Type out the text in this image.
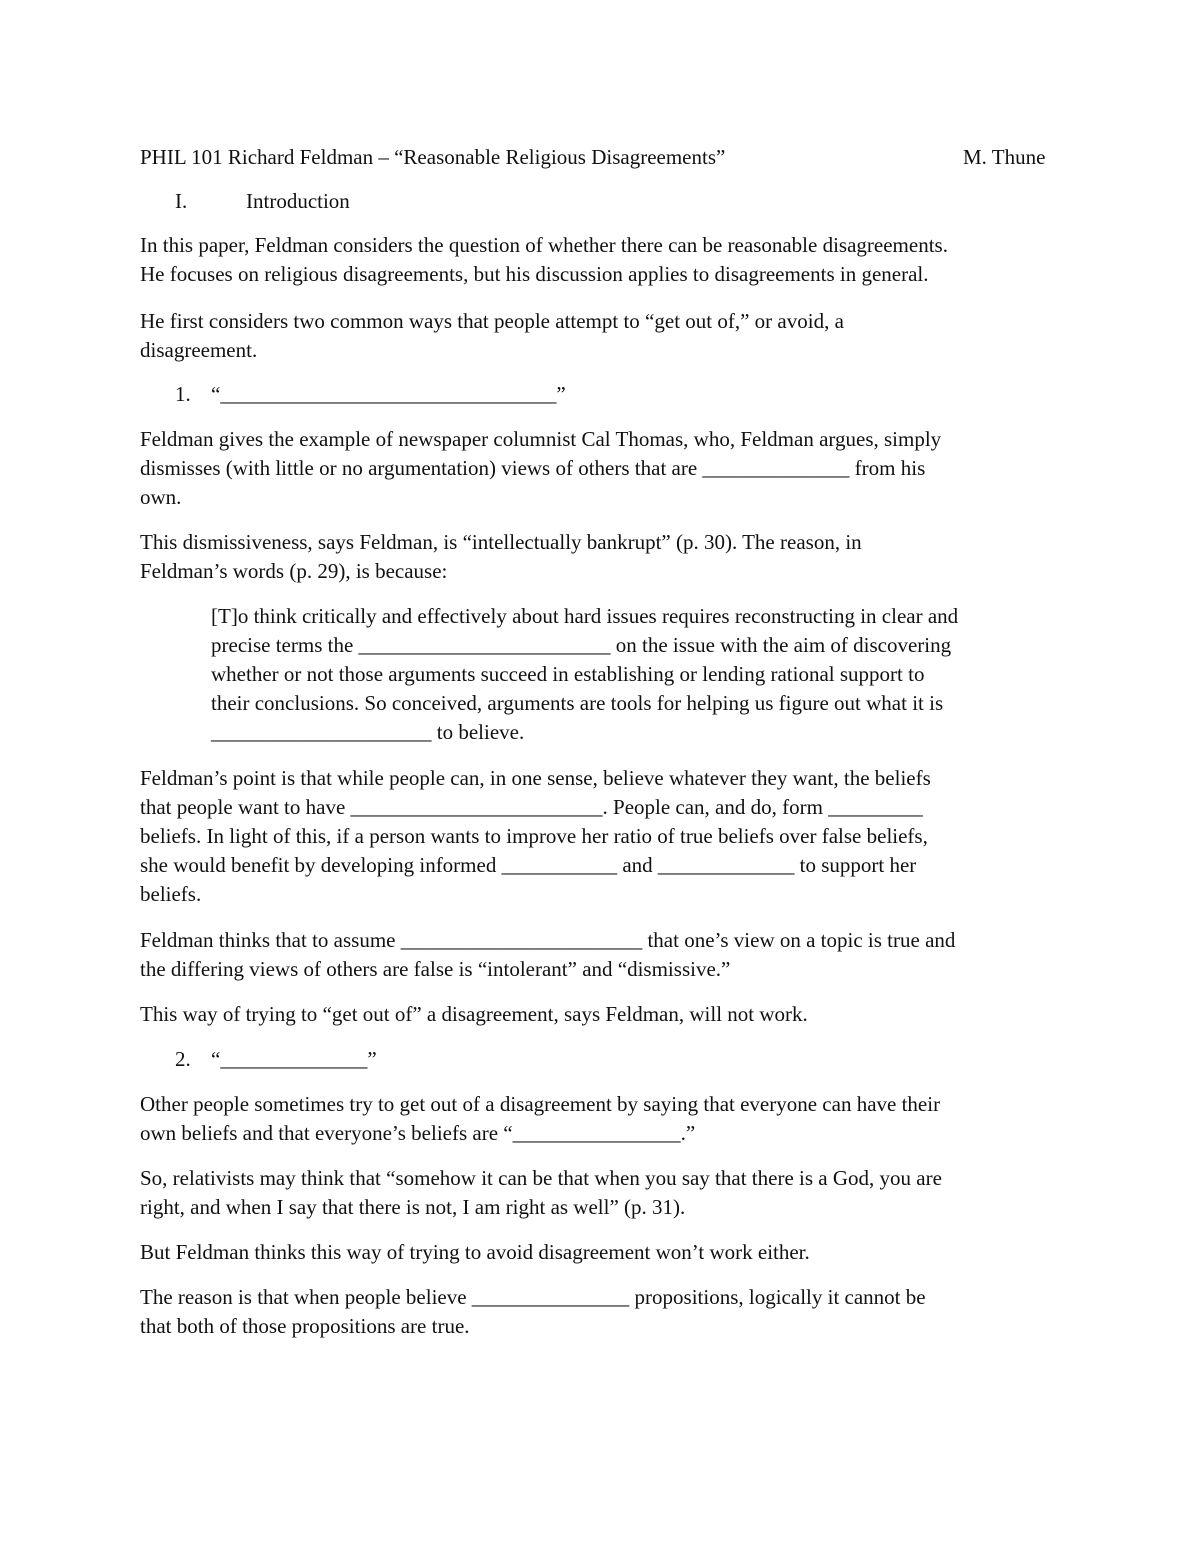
PHIL 101 Richard Feldman – “Reasonable Religious Disagreements”	M. Thune
I.	Introduction
In this paper, Feldman considers the question of whether there can be reasonable disagreements.
He focuses on religious disagreements, but his discussion applies to disagreements in general.
He first considers two common ways that people attempt to “get out of,” or avoid, a
disagreement.
1. “________________________________”
Feldman gives the example of newspaper columnist Cal Thomas, who, Feldman argues, simply
dismisses (with little or no argumentation) views of others that are ______________ from his
own.
This dismissiveness, says Feldman, is “intellectually bankrupt” (p. 30). The reason, in
Feldman’s words (p. 29), is because:
[T]o think critically and effectively about hard issues requires reconstructing in clear and
precise terms the ________________________ on the issue with the aim of discovering
whether or not those arguments succeed in establishing or lending rational support to
their conclusions. So conceived, arguments are tools for helping us figure out what it is
_____________________ to believe.
Feldman’s point is that while people can, in one sense, believe whatever they want, the beliefs
that people want to have ________________________. People can, and do, form _________
beliefs. In light of this, if a person wants to improve her ratio of true beliefs over false beliefs,
she would benefit by developing informed ___________ and _____________ to support her
beliefs.
Feldman thinks that to assume _______________________ that one’s view on a topic is true and
the differing views of others are false is “intolerant” and “dismissive.”
This way of trying to “get out of” a disagreement, says Feldman, will not work.
2. “______________”
Other people sometimes try to get out of a disagreement by saying that everyone can have their
own beliefs and that everyone’s beliefs are “________________.”
So, relativists may think that “somehow it can be that when you say that there is a God, you are
right, and when I say that there is not, I am right as well” (p. 31).
But Feldman thinks this way of trying to avoid disagreement won’t work either.
The reason is that when people believe _______________ propositions, logically it cannot be
that both of those propositions are true.
